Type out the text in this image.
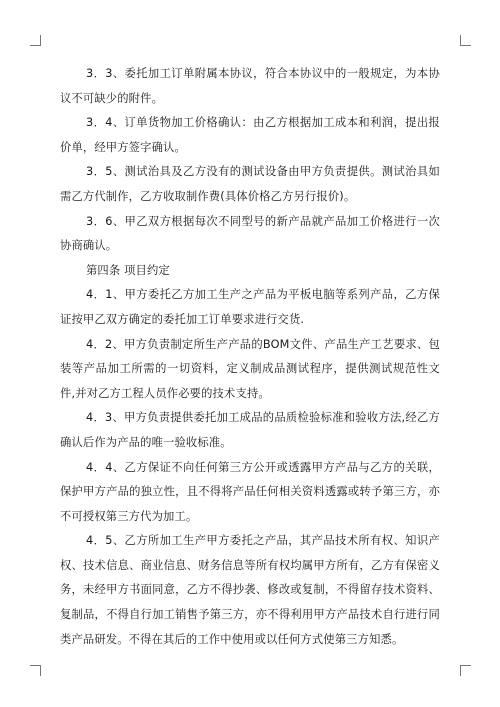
3．3、委托加工订单附属本协议，符合本协议中的一般规定，为本协议不可缺少的附件。

3．4、订单货物加工价格确认：由乙方根据加工成本和利润，提出报价单，经甲方签字确认。

3．5、测试治具及乙方没有的测试设备由甲方负责提供。测试治具如需乙方代制作，乙方收取制作费(具体价格乙方另行报价)。

3．6、甲乙双方根据每次不同型号的新产品就产品加工价格进行一次协商确认。

第四条 项目约定

4．1、甲方委托乙方加工生产之产品为平板电脑等系列产品，乙方保证按甲乙双方确定的委托加工订单要求进行交货.

4．2、甲方负责制定所生产产品的BOM文件、产品生产工艺要求、包装等产品加工所需的一切资料，定义制成品测试程序，提供测试规范性文件,并对乙方工程人员作必要的技术支持。

4．3、甲方负责提供委托加工成品的品质检验标准和验收方法,经乙方确认后作为产品的唯一验收标准。

4．4、乙方保证不向任何第三方公开或透露甲方产品与乙方的关联，保护甲方产品的独立性，且不得将产品任何相关资料透露或转予第三方，亦不可授权第三方代为加工。

4．5、乙方所加工生产甲方委托之产品，其产品技术所有权、知识产权、技术信息、商业信息、财务信息等所有权均属甲方所有，乙方有保密义务，未经甲方书面同意，乙方不得抄袭、修改或复制，不得留存技术资料、复制品，不得自行加工销售予第三方，亦不得利用甲方产品技术自行进行同类产品研发。不得在其后的工作中使用或以任何方式使第三方知悉。
